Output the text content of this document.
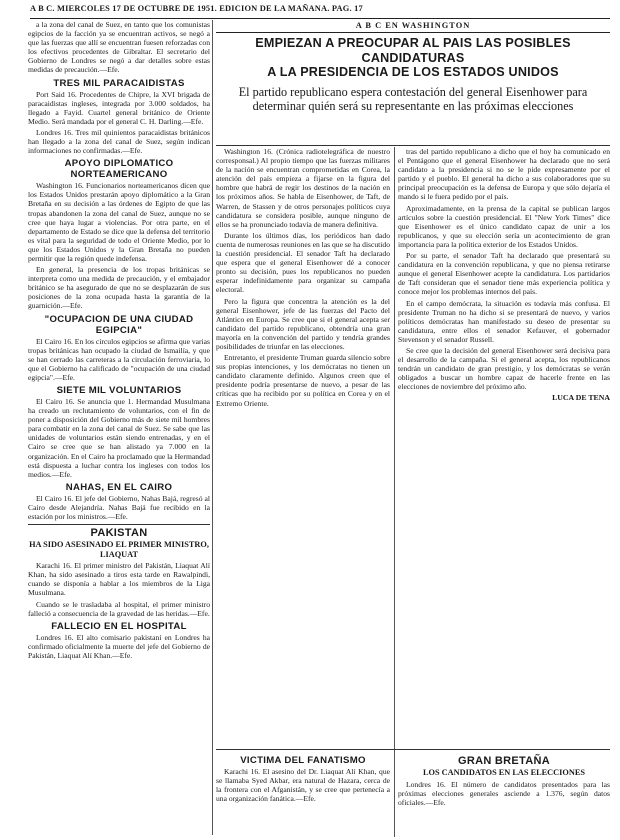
A B C. MIERCOLES 17 DE OCTUBRE DE 1951. EDICION DE LA MAÑANA. PAG. 17

a la zona del canal de Suez, en tanto que los comunistas egipcios de la facción ya se encuentran activos, se negó a que las fuerzas que allí se encuentran fuesen reforzadas con los efectivos procedentes de Gibraltar. El secretario del Gobierno de Londres se negó a dar detalles sobre estas medidas de precaución.—Efe.

TRES MIL PARACAIDISTAS

Port Said 16. Procedentes de Chipre, la XVI brigada de paracaidistas ingleses, integrada por 3.000 soldados, ha llegado a Fayid. Cuartel general británico de Oriente Medio. Será mandada por el general C. H. Darling.—Efe.

Londres 16. Tres mil quinientos paracaidistas británicos han llegado a la zona del canal de Suez, según indican informaciones no confirmadas.—Efe.

APOYO DIPLOMATICO NORTEAMERICANO

Washington 16. Funcionarios norteamericanos dicen que los Estados Unidos prestarán apoyo diplomático a la Gran Bretaña en su decisión a las órdenes de Egipto de que las tropas abandonen la zona del canal de Suez, aunque no se cree que haya lugar a violencias. Por otra parte, en el departamento de Estado se dice que la defensa del territorio es vital para la seguridad de todo el Oriente Medio, por lo que los Estados Unidos y la Gran Bretaña no pueden permitir que la región quede indefensa.

En general, la presencia de los tropas británicas se interpreta como una medida de precaución, y el embajador británico se ha asegurado de que no se desplazarán de sus posiciones de la zona ocupada hasta la garantía de la guarnición.—Efe.

"OCUPACION DE UNA CIUDAD EGIPCIA"

El Cairo 16. En los círculos egipcios se afirma que varias tropas británicas han ocupado la ciudad de Ismailía, y que se han cerrado las carreteras a la circulación ferroviaria, lo que el Gobierno ha calificado de "ocupación de una ciudad egipcia".—Efe.

SIETE MIL VOLUNTARIOS

El Cairo 16. Se anuncia que 1. Hermandad Musulmana ha creado un reclutamiento de voluntarios, con el fin de poner a disposición del Gobierno más de siete mil hombres para combatir en la zona del canal de Suez. Se sabe que las unidades de voluntarios están siendo entrenadas, y en el Cairo se cree que se han alistado ya 7.000 en la organización. En el Cairo ha proclamado que la Hermandad está dispuesta a luchar contra los ingleses con todos los medios.—Efe.

NAHAS, EN EL CAIRO

El Cairo 16. El jefe del Gobierno, Nahas Bajá, regresó al Cairo desde Alejandría. Nahas Bajá fue recibido en la estación por los ministros.—Efe.

PAKISTAN
HA SIDO ASESINADO EL PRIMER MINISTRO, LIAQUAT

Karachi 16. El primer ministro del Pakistán, Liaquat Alí Khan, ha sido asesinado a tiros esta tarde en Rawalpindi, cuando se disponía a hablar a los miembros de la Liga Musulmana.

Cuando se le trasladaba al hospital, el primer ministro falleció a consecuencia de la gravedad de las heridas.—Efe.

FALLECIO EN EL HOSPITAL

Londres 16. El alto comisario pakistaní en Londres ha confirmado oficialmente la muerte del jefe del Gobierno de Pakistán, Liaquat Alí Khan.—Efe.

A B C EN WASHINGTON
EMPIEZAN A PREOCUPAR AL PAIS LAS POSIBLES CANDIDATURAS
A LA PRESIDENCIA DE LOS ESTADOS UNIDOS
El partido republicano espera contestación del general Eisenhower para determinar quién será su representante en las próximas elecciones

Washington 16. (Crónica radiotelegráfica de nuestro corresponsal.) Al propio tiempo que las fuerzas militares de la nación se encuentran comprometidas en Corea, la atención del país empieza a fijarse en la figura del hombre que habrá de regir los destinos de la nación en los próximos años. Se habla de Eisenhower, de Taft, de Warren, de Stassen y de otros personajes políticos cuya candidatura se considera posible, aunque ninguno de ellos se ha pronunciado todavía de manera definitiva.

Durante los últimos días, los periódicos han dado cuenta de numerosas reuniones en las que se ha discutido la cuestión presidencial. El senador Taft ha declarado que espera que el general Eisenhower dé a conocer pronto su decisión, pues los republicanos no pueden esperar indefinidamente para organizar su campaña electoral.

Pero la figura que concentra la atención es la del general Eisenhower, jefe de las fuerzas del Pacto del Atlántico en Europa. Se cree que si el general acepta ser candidato del partido republicano, obtendría una gran mayoría en la convención del partido y tendría grandes posibilidades de triunfar en las elecciones.

Entretanto, el presidente Truman guarda silencio sobre sus propias intenciones, y los demócratas no tienen un candidato claramente definido. Algunos creen que el presidente podría presentarse de nuevo, a pesar de las críticas que ha recibido por su política en Corea y en el Extremo Oriente.

tras del partido republicano a dicho que el hoy ha comunicado en el Pentágono que el general Eisenhower ha declarado que no será candidato a la presidencia si no se le pide expresamente por el partido y el pueblo. El general ha dicho a sus colaboradores que su principal preocupación es la defensa de Europa y que sólo dejaría el mando si le fuera pedido por el país.

Aproximadamente, en la prensa de la capital se publican largos artículos sobre la cuestión presidencial. El "New York Times" dice que Eisenhower es el único candidato capaz de unir a los republicanos, y que su elección sería un acontecimiento de gran importancia para la política exterior de los Estados Unidos.

Por su parte, el senador Taft ha declarado que presentará su candidatura en la convención republicana, y que no piensa retirarse aunque el general Eisenhower acepte la candidatura. Los partidarios de Taft consideran que el senador tiene más experiencia política y conoce mejor los problemas internos del país.

En el campo demócrata, la situación es todavía más confusa. El presidente Truman no ha dicho si se presentará de nuevo, y varios políticos demócratas han manifestado su deseo de presentar su candidatura, entre ellos el senador Kefauver, el gobernador Stevenson y el senador Russell.

Se cree que la decisión del general Eisenhower será decisiva para el desarrollo de la campaña. Si el general acepta, los republicanos tendrán un candidato de gran prestigio, y los demócratas se verán obligados a buscar un hombre capaz de hacerle frente en las elecciones de noviembre del próximo año.

LUCA DE TENA

VICTIMA DEL FANATISMO

Karachi 16. El asesino del Dr. Liaquat Alí Khan, que se llamaba Syed Akbar, era natural de Hazara, cerca de la frontera con el Afganistán, y se cree que pertenecía a una organización fanática.—Efe.

GRAN BRETAÑA
LOS CANDIDATOS EN LAS ELECCIONES

Londres 16. El número de candidatos presentados para las próximas elecciones generales asciende a 1.376, según datos oficiales.—Efe.
